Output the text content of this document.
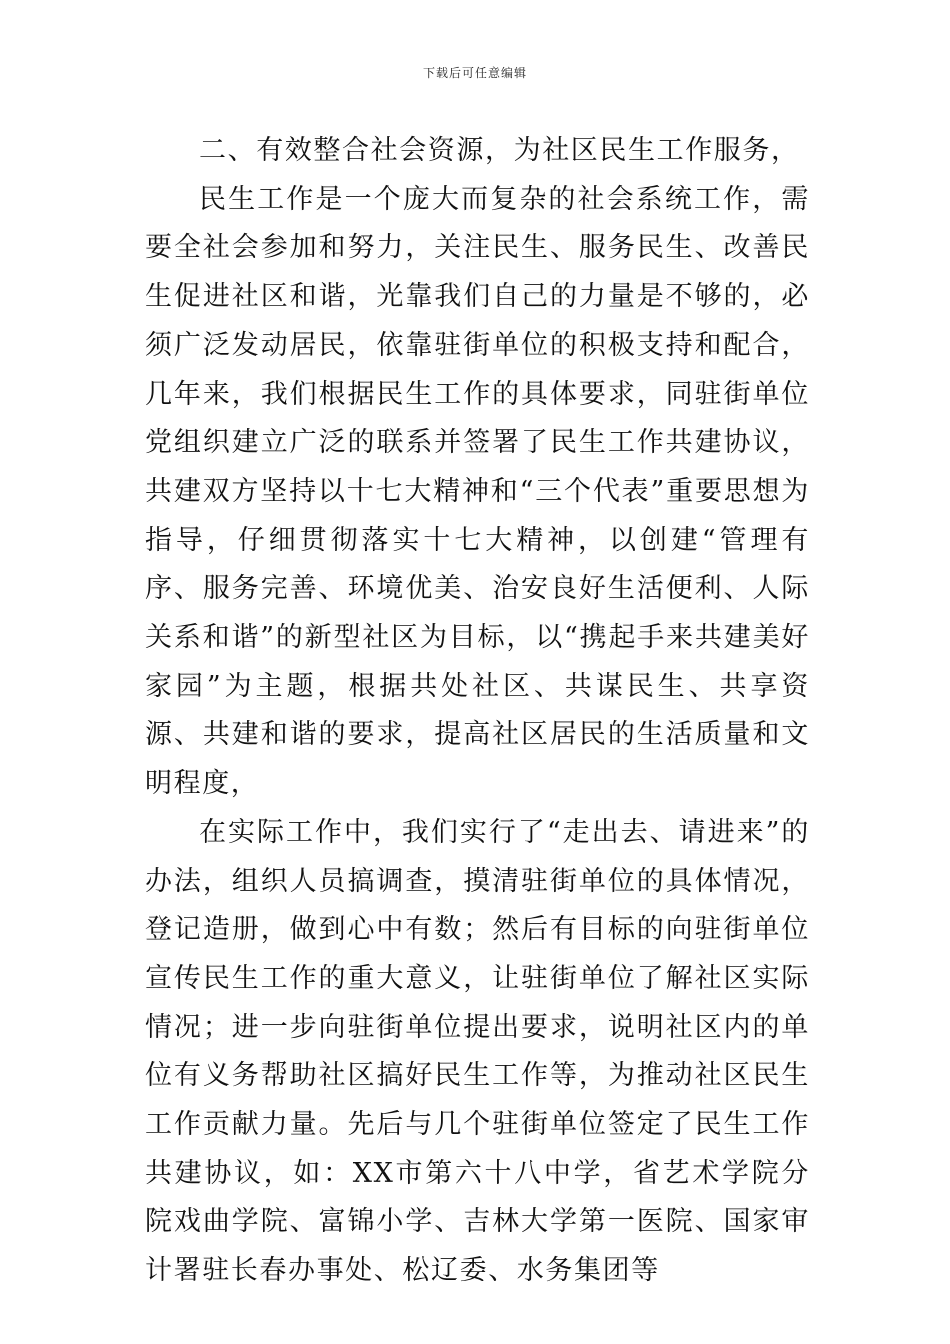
下载后可任意编辑

二、有效整合社会资源，为社区民生工作服务，

民生工作是一个庞大而复杂的社会系统工作，需要全社会参加和努力，关注民生、服务民生、改善民生促进社区和谐，光靠我们自己的力量是不够的，必须广泛发动居民，依靠驻街单位的积极支持和配合，几年来，我们根据民生工作的具体要求，同驻街单位党组织建立广泛的联系并签署了民生工作共建协议，共建双方坚持以十七大精神和“三个代表”重要思想为指导，仔细贯彻落实十七大精神，以创建“管理有序、服务完善、环境优美、治安良好生活便利、人际关系和谐”的新型社区为目标，以“携起手来共建美好家园”为主题，根据共处社区、共谋民生、共享资源、共建和谐的要求，提高社区居民的生活质量和文明程度，

在实际工作中，我们实行了“走出去、请进来”的办法，组织人员搞调查，摸清驻街单位的具体情况，登记造册，做到心中有数；然后有目标的向驻街单位宣传民生工作的重大意义，让驻街单位了解社区实际情况；进一步向驻街单位提出要求，说明社区内的单位有义务帮助社区搞好民生工作等，为推动社区民生工作贡献力量。先后与几个驻街单位签定了民生工作共建协议，如：XX市第六十八中学，省艺术学院分院戏曲学院、富锦小学、吉林大学第一医院、国家审计署驻长春办事处、松辽委、水务集团等
